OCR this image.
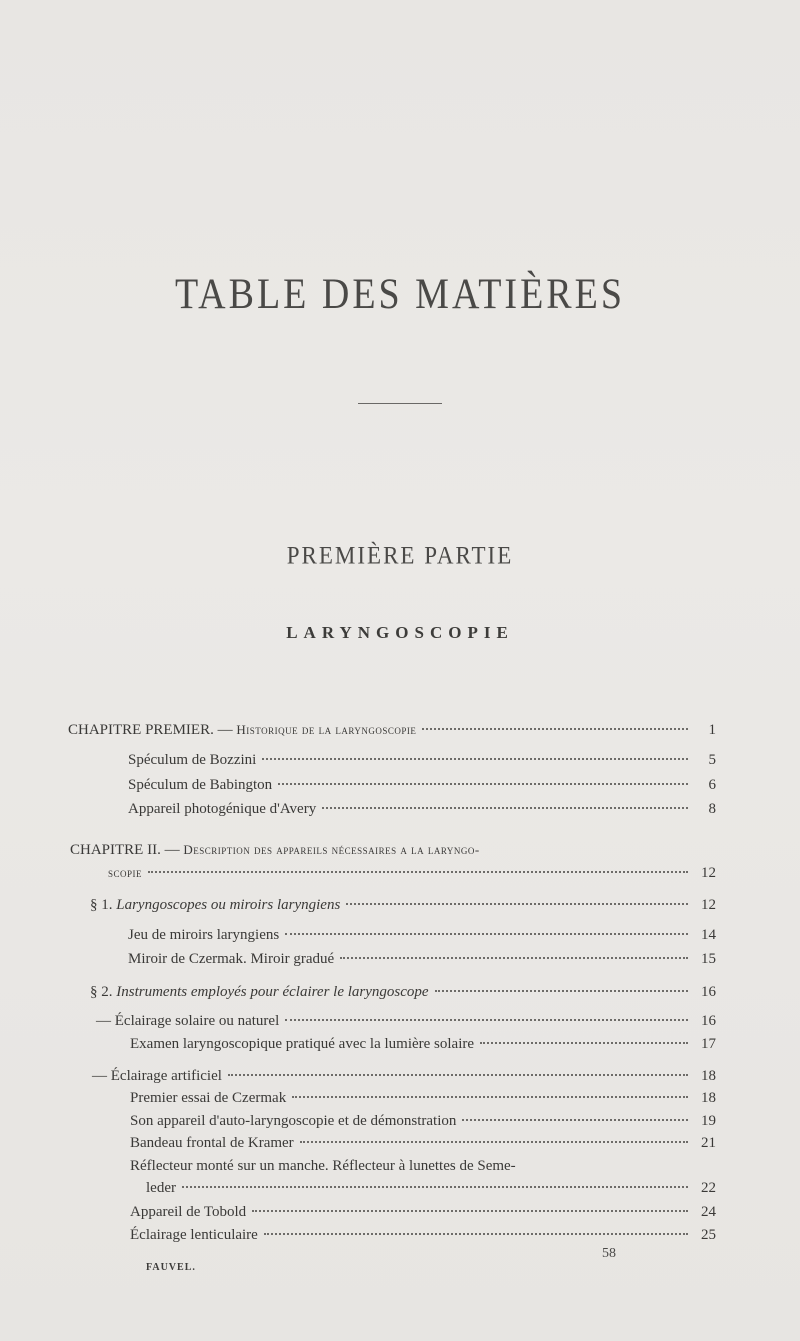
TABLE DES MATIÈRES
PREMIÈRE PARTIE
LARYNGOSCOPIE
CHAPITRE PREMIER. — Historique de la laryngoscopie	1
Spéculum de Bozzini	5
Spéculum de Babington	6
Appareil photogénique d'Avery	8
CHAPITRE II. — Description des appareils nécessaires a la laryngo-
scopie	12
§ 1. Laryngoscopes ou miroirs laryngiens	12
Jeu de miroirs laryngiens	14
Miroir de Czermak. Miroir gradué	15
§ 2. Instruments employés pour éclairer le laryngoscope	16
— Éclairage solaire ou naturel	16
Examen laryngoscopique pratiqué avec la lumière solaire	17
— Éclairage artificiel	18
Premier essai de Czermak	18
Son appareil d'auto-laryngoscopie et de démonstration	19
Bandeau frontal de Kramer	21
Réflecteur monté sur un manche. Réflecteur à lunettes de Seme-
leder	22
Appareil de Tobold	24
Éclairage lenticulaire	25
FAUVEL.
58
